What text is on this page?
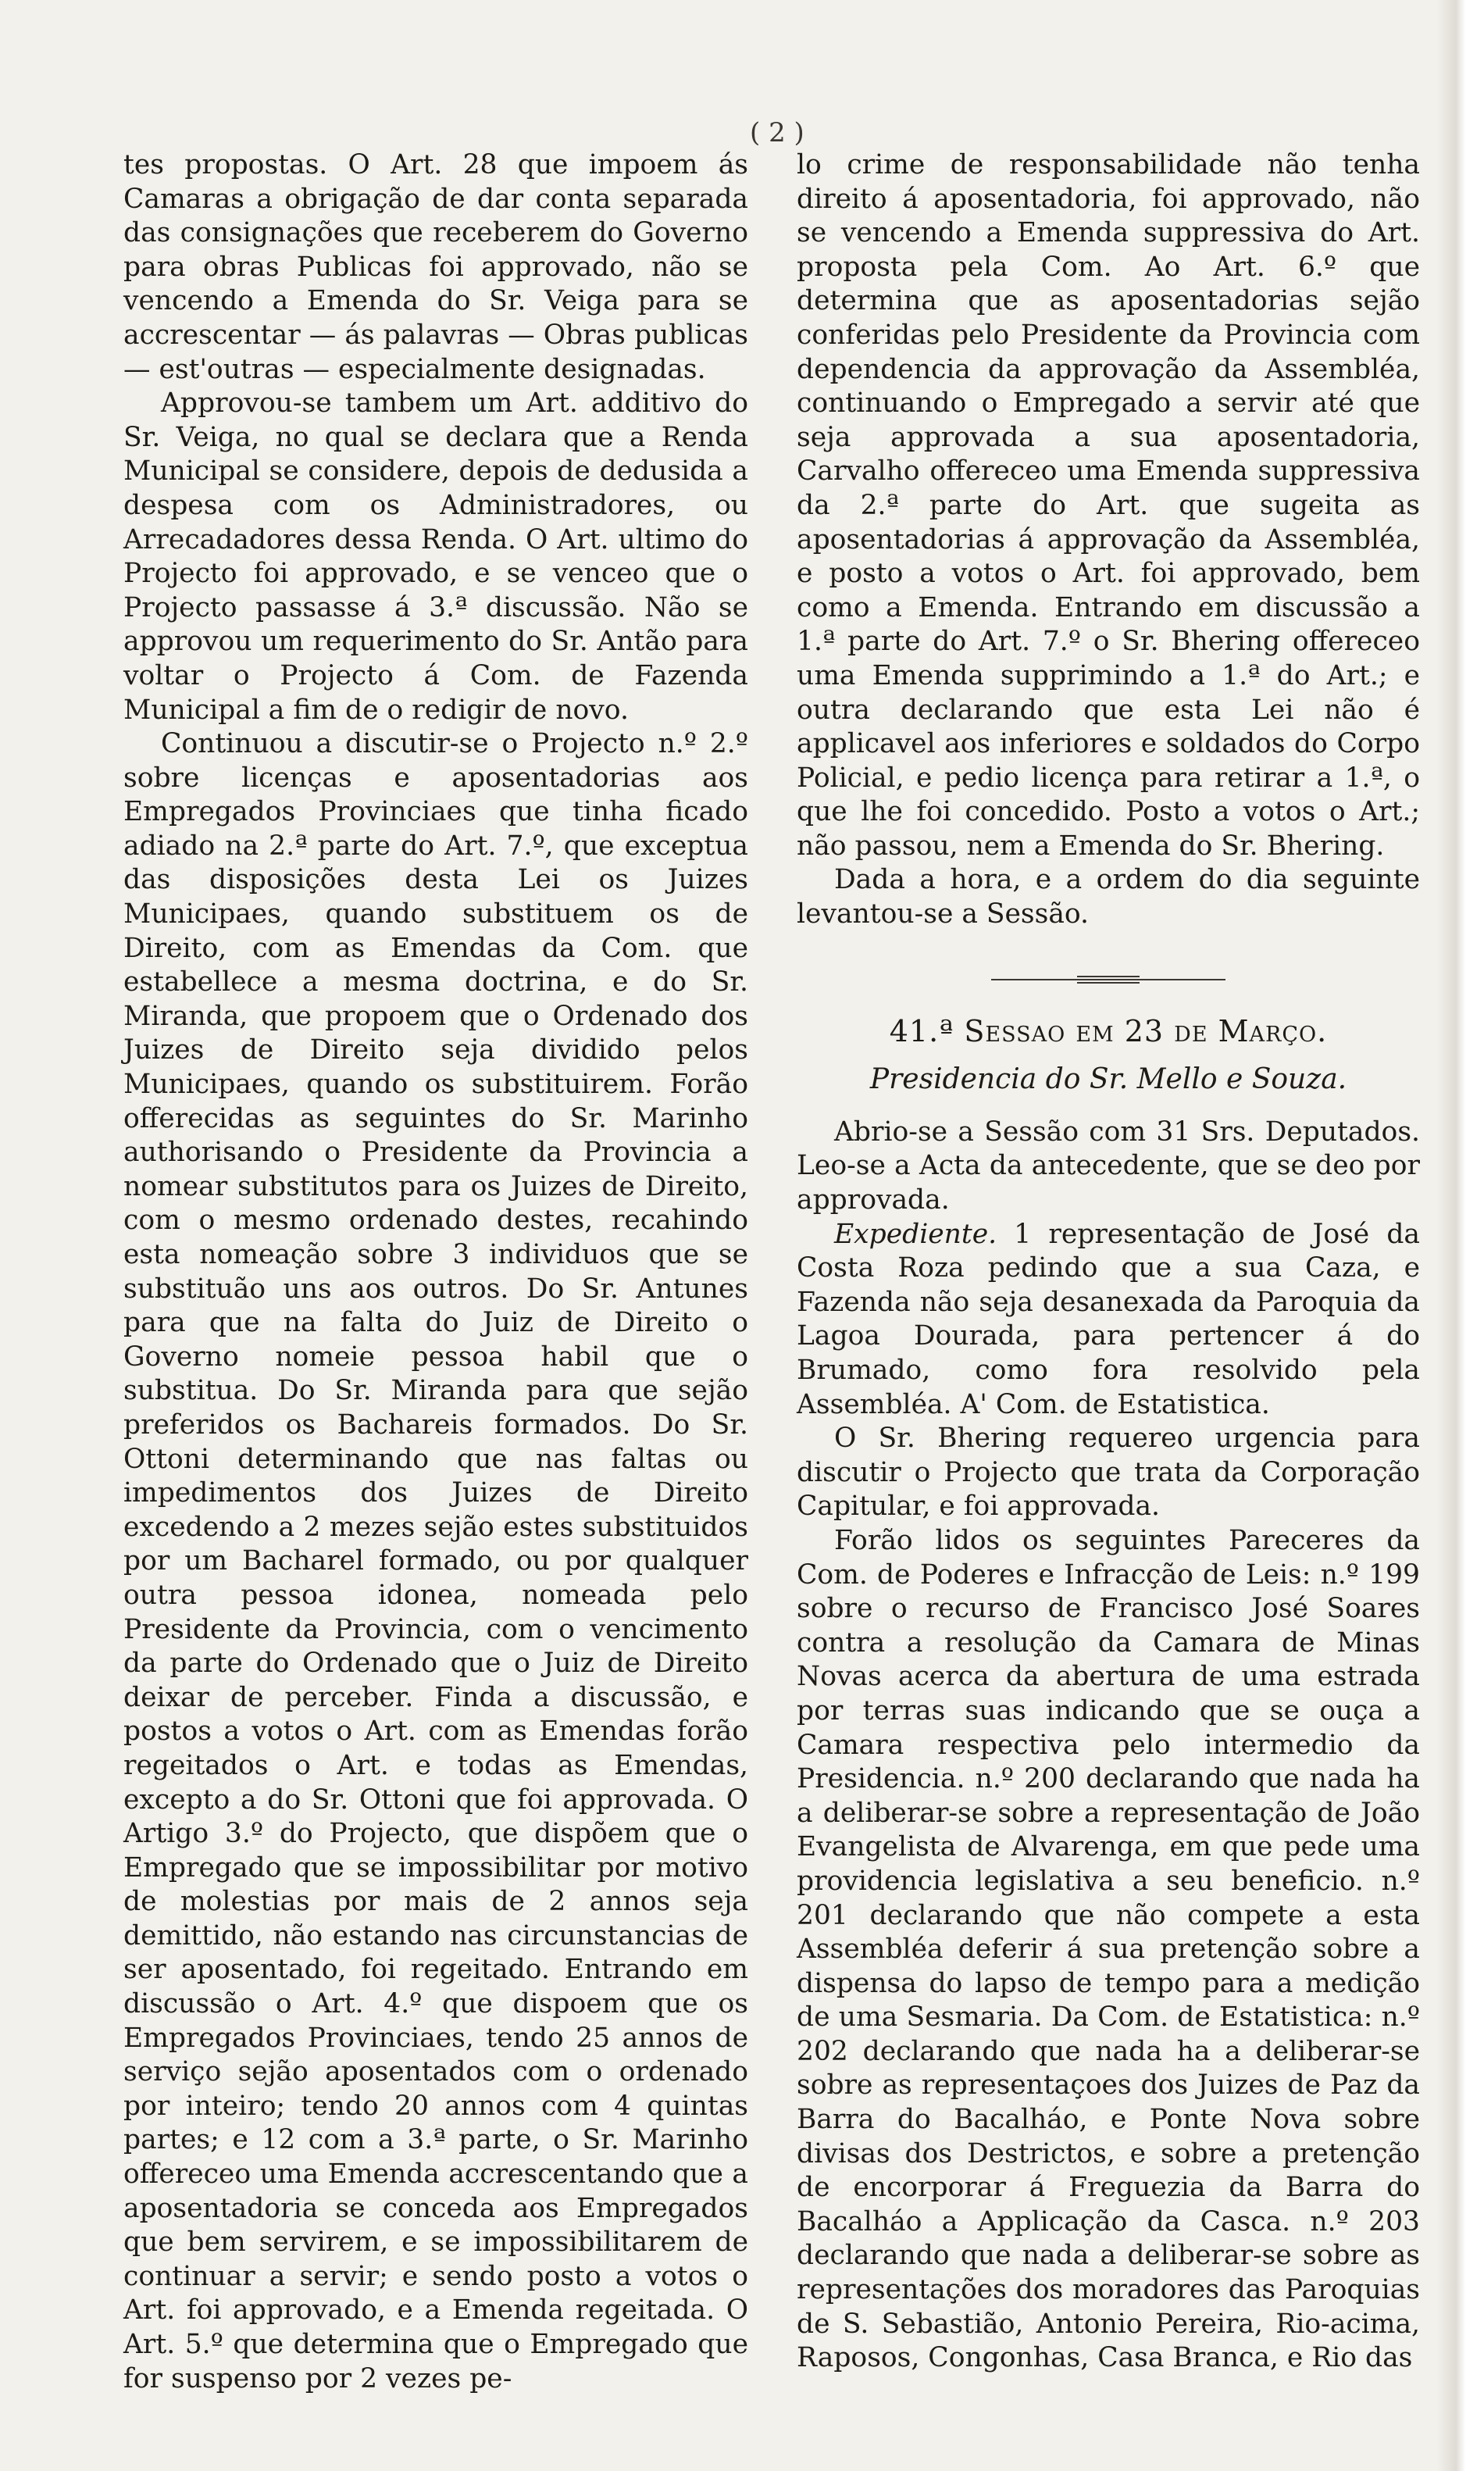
( 2 )

tes propostas. O Art. 28 que impoem ás Camaras a obrigação de dar conta separada das consignações que receberem do Governo para obras Publicas foi approvado, não se vencendo a Emenda do Sr. Veiga para se accrescentar — ás palavras — Obras publicas — est'outras — especialmente designadas.

Approvou-se tambem um Art. additivo do Sr. Veiga, no qual se declara que a Renda Municipal se considere, depois de dedusida a despesa com os Administradores, ou Arrecadadores dessa Renda. O Art. ultimo do Projecto foi approvado, e se venceo que o Projecto passasse á 3.ª discussão. Não se approvou um requerimento do Sr. Antão para voltar o Projecto á Com. de Fazenda Municipal a fim de o redigir de novo.

Continuou a discutir-se o Projecto n.º 2.º sobre licenças e aposentadorias aos Empregados Provinciaes que tinha ficado adiado na 2.ª parte do Art. 7.º, que exceptua das disposições desta Lei os Juizes Municipaes, quando substituem os de Direito, com as Emendas da Com. que estabellece a mesma doctrina, e do Sr. Miranda, que propoem que o Ordenado dos Juizes de Direito seja dividido pelos Municipaes, quando os substituirem. Forão offerecidas as seguintes do Sr. Marinho authorisando o Presidente da Provincia a nomear substitutos para os Juizes de Direito, com o mesmo ordenado destes, recahindo esta nomeação sobre 3 individuos que se substituão uns aos outros. Do Sr. Antunes para que na falta do Juiz de Direito o Governo nomeie pessoa habil que o substitua. Do Sr. Miranda para que sejão preferidos os Bachareis formados. Do Sr. Ottoni determinando que nas faltas ou impedimentos dos Juizes de Direito excedendo a 2 mezes sejão estes substituidos por um Bacharel formado, ou por qualquer outra pessoa idonea, nomeada pelo Presidente da Provincia, com o vencimento da parte do Ordenado que o Juiz de Direito deixar de perceber. Finda a discussão, e postos a votos o Art. com as Emendas forão regeitados o Art. e todas as Emendas, excepto a do Sr. Ottoni que foi approvada. O Artigo 3.º do Projecto, que dispõem que o Empregado que se impossibilitar por motivo de molestias por mais de 2 annos seja demittido, não estando nas circunstancias de ser aposentado, foi regeitado. Entrando em discussão o Art. 4.º que dispoem que os Empregados Provinciaes, tendo 25 annos de serviço sejão aposentados com o ordenado por inteiro; tendo 20 annos com 4 quintas partes; e 12 com a 3.ª parte, o Sr. Marinho offereceo uma Emenda accrescentando que a aposentadoria se conceda aos Empregados que bem servirem, e se impossibilitarem de continuar a servir; e sendo posto a votos o Art. foi approvado, e a Emenda regeitada. O Art. 5.º que determina que o Empregado que for suspenso por 2 vezes pe-

lo crime de responsabilidade não tenha direito á aposentadoria, foi approvado, não se vencendo a Emenda suppressiva do Art. proposta pela Com. Ao Art. 6.º que determina que as aposentadorias sejão conferidas pelo Presidente da Provincia com dependencia da approvação da Assembléa, continuando o Empregado a servir até que seja approvada a sua aposentadoria, Carvalho offereceo uma Emenda suppressiva da 2.ª parte do Art. que sugeita as aposentadorias á approvação da Assembléa, e posto a votos o Art. foi approvado, bem como a Emenda. Entrando em discussão a 1.ª parte do Art. 7.º o Sr. Bhering offereceo uma Emenda supprimindo a 1.ª do Art.; e outra declarando que esta Lei não é applicavel aos inferiores e soldados do Corpo Policial, e pedio licença para retirar a 1.ª, o que lhe foi concedido. Posto a votos o Art.; não passou, nem a Emenda do Sr. Bhering.

Dada a hora, e a ordem do dia seguinte levantou-se a Sessão.

41.ª Sessao em 23 de Março.
Presidencia do Sr. Mello e Souza.

Abrio-se a Sessão com 31 Srs. Deputados. Leo-se a Acta da antecedente, que se deo por approvada.

Expediente. 1 representação de José da Costa Roza pedindo que a sua Caza, e Fazenda não seja desanexada da Paroquia da Lagoa Dourada, para pertencer á do Brumado, como fora resolvido pela Assembléa. A' Com. de Estatistica.

O Sr. Bhering requereo urgencia para discutir o Projecto que trata da Corporação Capitular, e foi approvada.

Forão lidos os seguintes Pareceres da Com. de Poderes e Infracção de Leis: n.º 199 sobre o recurso de Francisco José Soares contra a resolução da Camara de Minas Novas acerca da abertura de uma estrada por terras suas indicando que se ouça a Camara respectiva pelo intermedio da Presidencia. n.º 200 declarando que nada ha a deliberar-se sobre a representação de João Evangelista de Alvarenga, em que pede uma providencia legislativa a seu beneficio. n.º 201 declarando que não compete a esta Assembléa deferir á sua pretenção sobre a dispensa do lapso de tempo para a medição de uma Sesmaria. Da Com. de Estatistica: n.º 202 declarando que nada ha a deliberar-se sobre as representaçoes dos Juizes de Paz da Barra do Bacalháo, e Ponte Nova sobre divisas dos Destrictos, e sobre a pretenção de encorporar á Freguezia da Barra do Bacalháo a Applicação da Casca. n.º 203 declarando que nada a deliberar-se sobre as representações dos moradores das Paroquias de S. Sebastião, Antonio Pereira, Rio-acima, Raposos, Congonhas, Casa Branca, e Rio das
